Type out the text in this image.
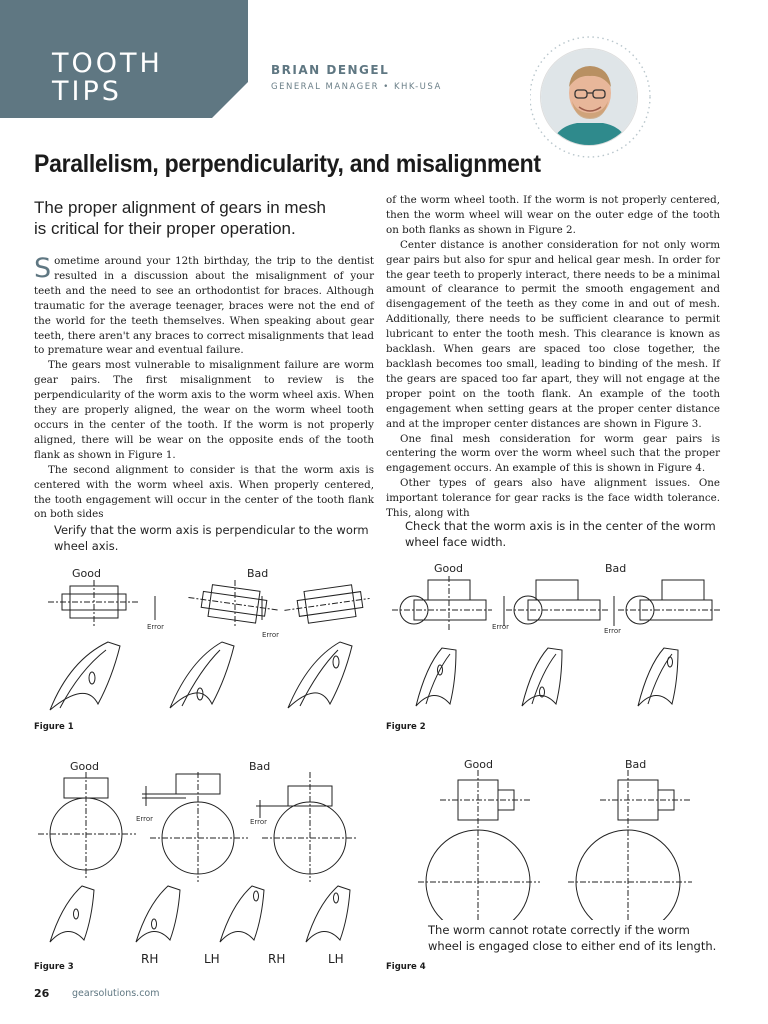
TOOTH
TIPS
BRIAN DENGEL
GENERAL MANAGER • KHK-USA
Parallelism, perpendicularity, and misalignment
The proper alignment of gears in mesh is critical for their proper operation.

Sometime around your 12th birthday, the trip to the dentist resulted in a discussion about the misalignment of your teeth and the need to see an orthodontist for braces. Although traumatic for the average teenager, braces were not the end of the world for the teeth themselves. When speaking about gear teeth, there aren't any braces to correct misalignments that lead to premature wear and eventual failure.

The gears most vulnerable to misalignment failure are worm gear pairs. The first misalignment to review is the perpendicularity of the worm axis to the worm wheel axis. When they are properly aligned, the wear on the worm wheel tooth occurs in the center of the tooth. If the worm is not properly aligned, there will be wear on the opposite ends of the tooth flank as shown in Figure 1.

The second alignment to consider is that the worm axis is centered with the worm wheel axis. When properly centered, the tooth engagement will occur in the center of the tooth flank on both sides

of the worm wheel tooth. If the worm is not properly centered, then the worm wheel will wear on the outer edge of the tooth on both flanks as shown in Figure 2.

Center distance is another consideration for not only worm gear pairs but also for spur and helical gear mesh. In order for the gear teeth to properly interact, there needs to be a minimal amount of clearance to permit the smooth engagement and disengagement of the teeth as they come in and out of mesh. Additionally, there needs to be sufficient clearance to permit lubricant to enter the tooth mesh. This clearance is known as backlash. When gears are spaced too close together, the backlash becomes too small, leading to binding of the mesh. If the gears are spaced too far apart, they will not engage at the proper point on the tooth flank. An example of the tooth engagement when setting gears at the proper center distance and at the improper center distances are shown in Figure 3.

One final mesh consideration for worm gear pairs is centering the worm over the worm wheel such that the proper engagement occurs. An example of this is shown in Figure 4.

Other types of gears also have alignment issues. One important tolerance for gear racks is the face width tolerance. This, along with

Verify that the worm axis is perpendicular to the worm wheel axis.
Good	Bad
Error
Error
Figure 1
Check that the worm axis is in the center of the worm wheel face width.
Good	Bad
Error	Error
Figure 2
Good	Bad
Error	Error
RH	LH	RH	LH
Figure 3
Good	Bad
The worm cannot rotate correctly if the worm wheel is engaged close to either end of its length.
Figure 4
26 gearsolutions.com
